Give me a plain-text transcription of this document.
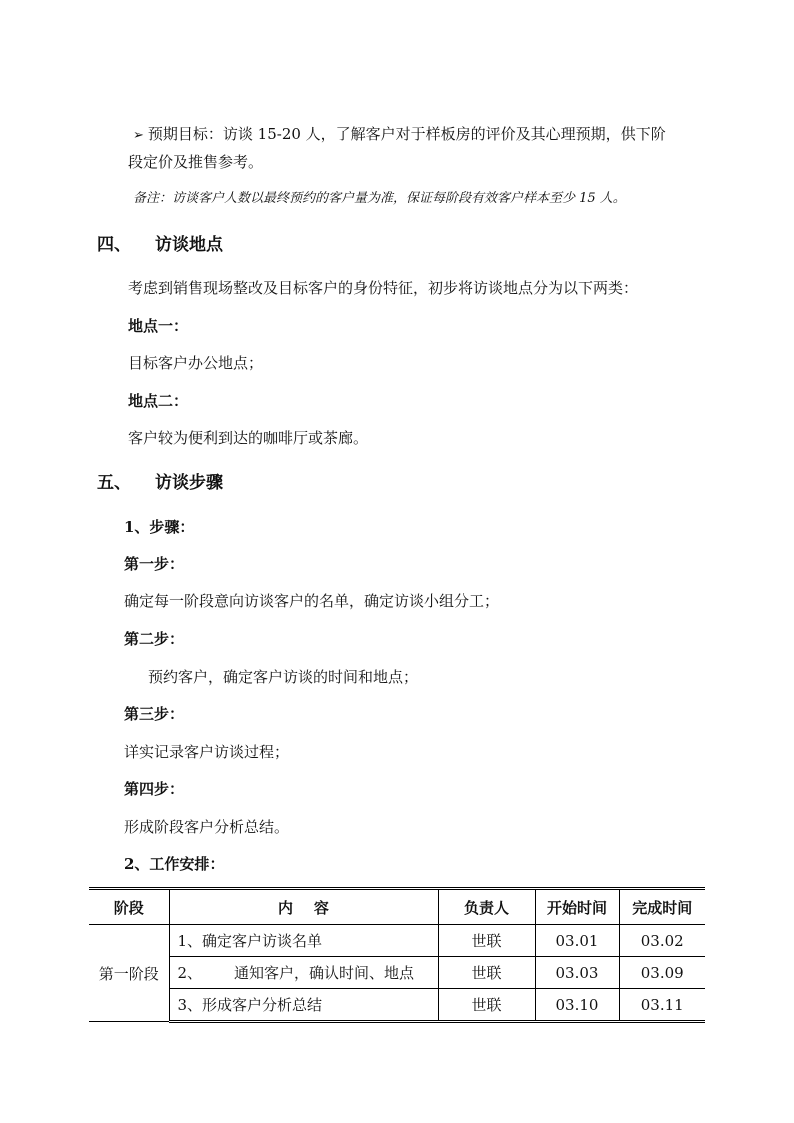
➢ 预期目标：访谈 15-20 人，了解客户对于样板房的评价及其心理预期，供下阶
段定价及推售参考。
备注：访谈客户人数以最终预约的客户量为准，保证每阶段有效客户样本至少 15 人。
四、 访谈地点
考虑到销售现场整改及目标客户的身份特征，初步将访谈地点分为以下两类：
地点一：
目标客户办公地点；
地点二：
客户较为便利到达的咖啡厅或茶廊。
五、 访谈步骤
1、步骤：
第一步：
确定每一阶段意向访谈客户的名单，确定访谈小组分工；
第二步：
预约客户，确定客户访谈的时间和地点；
第三步：
详实记录客户访谈过程；
第四步：
形成阶段客户分析总结。
2、工作安排：
阶段	内    容	负责人	开始时间	完成时间
第一阶段	1、确定客户访谈名单	世联	03.01	03.02
	2、 通知客户，确认时间、地点	世联	03.03	03.09
	3、形成客户分析总结	世联	03.10	03.11
